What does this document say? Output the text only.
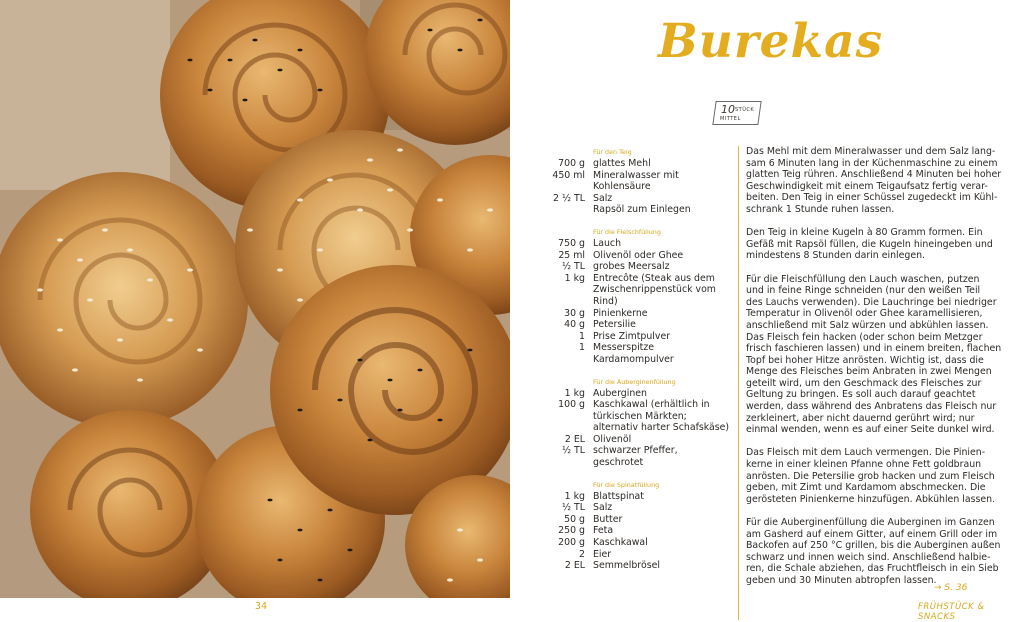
34	FRÜHSTÜCK & SNACKS
Burekas
10 STÜCK
MITTEL
Für den Teig
700 g glattes Mehl
450 ml Mineralwasser mit
Kohlensäure
2 ½ TL Salz
Rapsöl zum Einlegen
Für die Fleischfüllung
750 g Lauch
25 ml Olivenöl oder Ghee
½ TL grobes Meersalz
1 kg Entrecôte (Steak aus dem
Zwischenrippenstück vom Rind)
30 g Pinienkerne
40 g Petersilie
1 Prise Zimtpulver
1 Messerspitze
Kardamompulver
Für die Auberginenfüllung
1 kg Auberginen
100 g Kaschkawal (erhältlich in
türkischen Märkten;
alternativ harter Schafskäse)
2 EL Olivenöl
½ TL schwarzer Pfeffer,
geschrotet
Für die Spinatfüllung
1 kg Blattspinat
½ TL Salz
50 g Butter
250 g Feta
200 g Kaschkawal
2 Eier
2 EL Semmelbrösel

Das Mehl mit dem Mineralwasser und dem Salz lang-
sam 6 Minuten lang in der Küchenmaschine zu einem
glatten Teig rühren. Anschließend 4 Minuten bei hoher
Geschwindigkeit mit einem Teigaufsatz fertig verar-
beiten. Den Teig in einer Schüssel zugedeckt im Kühl-
schrank 1 Stunde ruhen lassen.

Den Teig in kleine Kugeln à 80 Gramm formen. Ein
Gefäß mit Rapsöl füllen, die Kugeln hineingeben und
mindestens 8 Stunden darin einlegen.

Für die Fleischfüllung den Lauch waschen, putzen
und in feine Ringe schneiden (nur den weißen Teil
des Lauchs verwenden). Die Lauchringe bei niedriger
Temperatur in Olivenöl oder Ghee karamellisieren,
anschließend mit Salz würzen und abkühlen lassen.
Das Fleisch fein hacken (oder schon beim Metzger
frisch faschieren lassen) und in einem breiten, flachen
Topf bei hoher Hitze anrösten. Wichtig ist, dass die
Menge des Fleisches beim Anbraten in zwei Mengen
geteilt wird, um den Geschmack des Fleisches zur
Geltung zu bringen. Es soll auch darauf geachtet
werden, dass während des Anbratens das Fleisch nur
zerkleinert, aber nicht dauernd gerührt wird; nur
einmal wenden, wenn es auf einer Seite dunkel wird.

Das Fleisch mit dem Lauch vermengen. Die Pinien-
kerne in einer kleinen Pfanne ohne Fett goldbraun
anrösten. Die Petersilie grob hacken und zum Fleisch
geben, mit Zimt und Kardamom abschmecken. Die
gerösteten Pinienkerne hinzufügen. Abkühlen lassen.

Für die Auberginenfüllung die Auberginen im Ganzen
am Gasherd auf einem Gitter, auf einem Grill oder im
Backofen auf 250 °C grillen, bis die Auberginen außen
schwarz und innen weich sind. Anschließend halbie-
ren, die Schale abziehen, das Fruchtfleisch in ein Sieb
geben und 30 Minuten abtropfen lassen.

→ S. 36
